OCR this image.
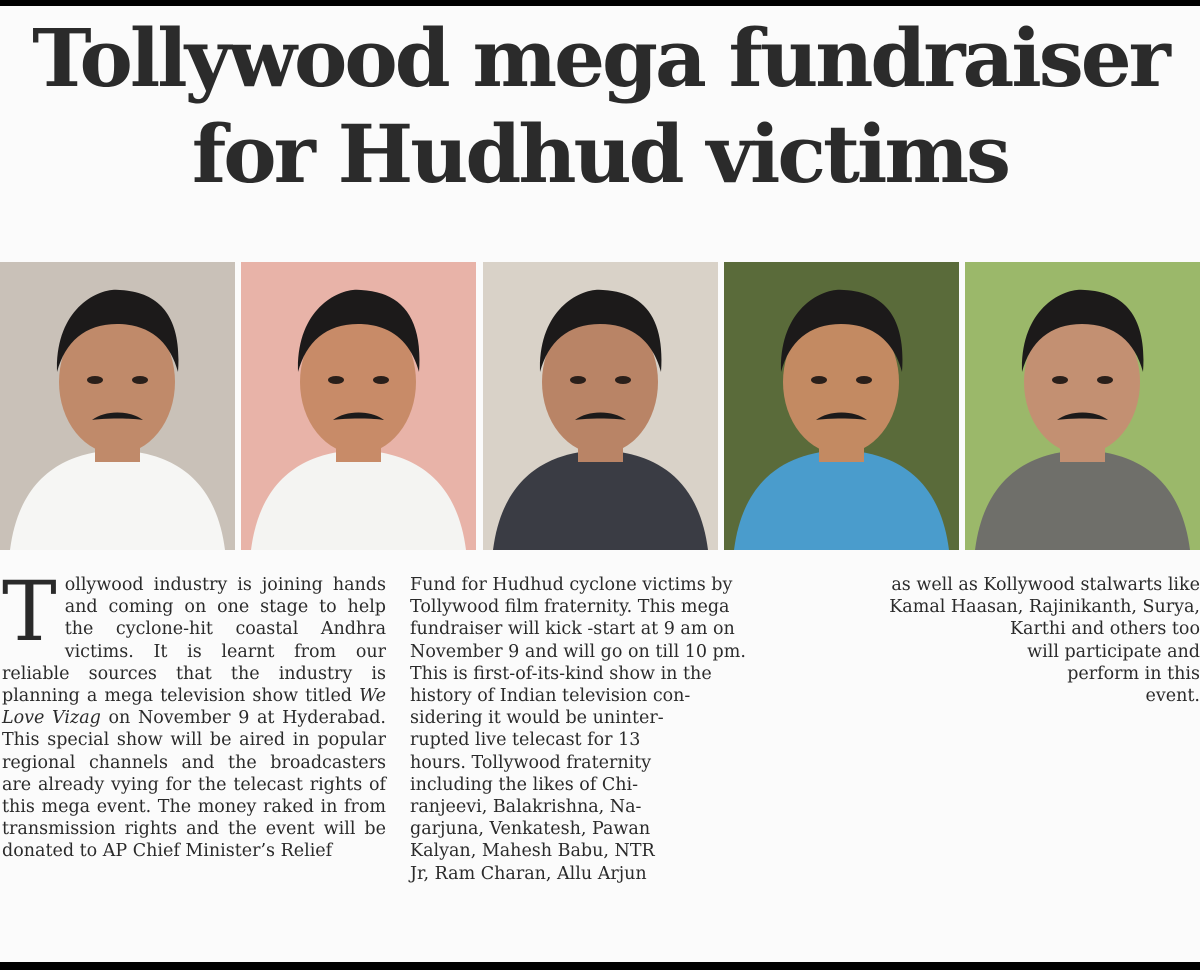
Tollywood mega fundraiser
for Hudhud victims
T ollywood industry is joining hands and coming on one stage to help the cyclone-hit coastal Andhra victims. It is learnt from our reliable sources that the industry is planning a mega television show titled We Love Vizag on November 9 at Hyderabad. This special show will be aired in popular regional channels and the broadcasters are already vying for the telecast rights of this mega event. The money raked in from transmission rights and the event will be donated to AP Chief Minister’s Relief

Fund for Hudhud cyclone victims by
Tollywood film fraternity. This mega
fundraiser will kick -start at 9 am on
November 9 and will go on till 10 pm.
This is first-of-its-kind show in the
history of Indian television con-
sidering it would be uninter-
rupted live telecast for 13
hours. Tollywood fraternity
including the likes of Chi-
ranjeevi, Balakrishna, Na-
garjuna, Venkatesh, Pawan
Kalyan, Mahesh Babu, NTR
Jr, Ram Charan, Allu Arjun

as well as Kollywood stalwarts like
Kamal Haasan, Rajinikanth, Surya,
Karthi and others too
will participate and
perform in this
event.
